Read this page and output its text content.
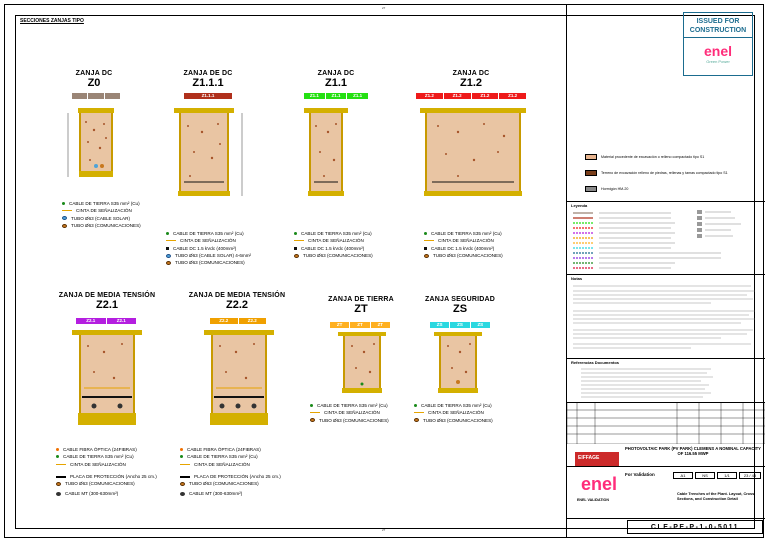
27
27
SECCIONES ZANJAS TIPO
ZANJA DC
Z0
ZANJA DE DC
Z1.1.1
Z1.1.1
ZANJA DC
Z1.1
Z1.1	Z1.1	Z1.1
ZANJA DC
Z1.2
Z1.2	Z1.2	Z1.2	Z1.2
CABLE DE TIERRA S35 mm² (Cu)
CINTA DE SEÑALIZACIÓN
TUBO Ø63 (CABLE SOLAR)
TUBO Ø63 (COMUNICACIONES)
CABLE DE TIERRA S35 mm² (Cu)
CINTA DE SEÑALIZACIÓN
CABLE DC 1.5 kVdc (400mm²)
TUBO Ø63 (CABLE SOLAR) 4-6mm²
TUBO Ø63 (COMUNICACIONES)
CABLE DE TIERRA S35 mm² (Cu)
CINTA DE SEÑALIZACIÓN
CABLE DC 1.5 kVdc (400mm²)
TUBO Ø63 (COMUNICACIONES)
CABLE DE TIERRA S35 mm² (Cu)
CINTA DE SEÑALIZACIÓN
CABLE DC 1.5 kVdc (400mm²)
TUBO Ø63 (COMUNICACIONES)
ZANJA DE MEDIA TENSIÓN
Z2.1
Z2.1	Z2.1
ZANJA DE MEDIA TENSIÓN
Z2.2
Z2.2	Z2.2
ZANJA DE TIERRA
ZT
ZT	ZT	ZT
ZANJA SEGURIDAD
ZS
ZS	ZS	ZS
CABLE FIBRA ÓPTICA (24FIBRAS)
CABLE DE TIERRA S35 mm² (Cu)
CINTA DE SEÑALIZACIÓN
PLACA DE PROTECCIÓN (Ancho 25 cm.)
TUBO Ø63 (COMUNICACIONES)
CABLE MT (300-630mm²)
CABLE FIBRA ÓPTICA (24FIBRAS)
CABLE DE TIERRA S35 mm² (Cu)
CINTA DE SEÑALIZACIÓN
PLACA DE PROTECCIÓN (Ancho 25 cm.)
TUBO Ø63 (COMUNICACIONES)
CABLE MT (300-630mm²)
CABLE DE TIERRA S35 mm² (Cu)
CINTA DE SEÑALIZACIÓN
TUBO Ø63 (COMUNICACIONES)
CABLE DE TIERRA S35 mm² (Cu)
CINTA DE SEÑALIZACIÓN
TUBO Ø63 (COMUNICACIONES)
ISSUED FOR
CONSTRUCTION
enel
Green Power
Material procedente de excavación o relleno compactado tipo S1
Terreno de excavación relleno de piedras, rellenas y tamas compactado tipo S1
Hormigón HM-20
Leyenda
Notas
Referencias Documentos
EIFFAGE
PHOTOVOLTAIC PARK (PV PARK) CLEMENS A NOMINAL CAPACITY OF 116.55 MWP
enel For Validation	A1	NS	1/1	23 / 43
Cable Trenches of the Plant. Layout, Cross Sections, and Construction Detail
ENEL VALIDATION
CLE-PE-P-1-0-5011
